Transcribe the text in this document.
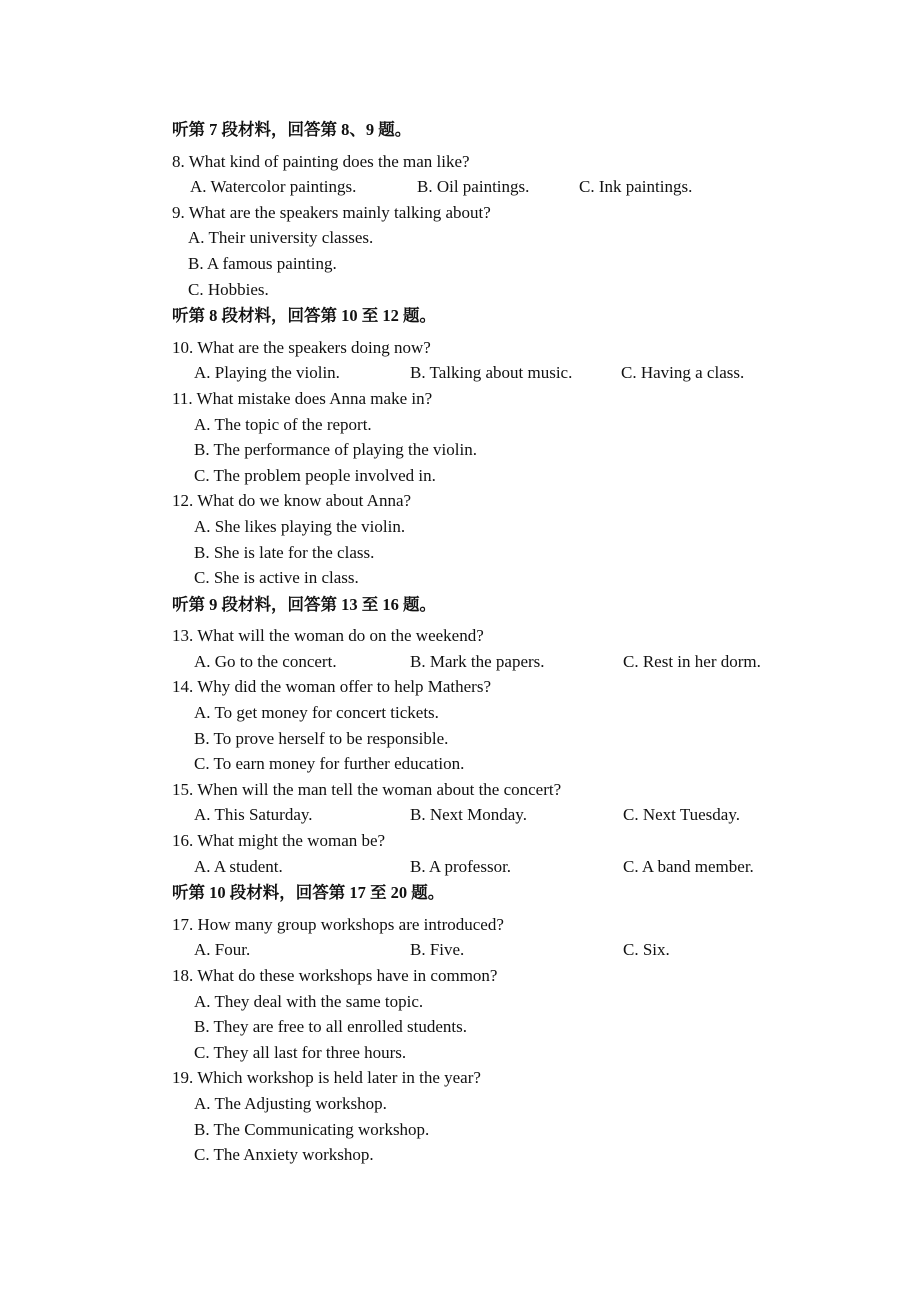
听第 7 段材料，回答第 8、9 题。
8. What kind of painting does the man like?
A. Watercolor paintings.	B. Oil paintings.	C. Ink paintings.
9. What are the speakers mainly talking about?
A. Their university classes.
B. A famous painting.
C. Hobbies.
听第 8 段材料，回答第 10 至 12 题。
10. What are the speakers doing now?
A. Playing the violin.	B. Talking about music.	C. Having a class.
11. What mistake does Anna make in?
A. The topic of the report.
B. The performance of playing the violin.
C. The problem people involved in.
12. What do we know about Anna?
A. She likes playing the violin.
B. She is late for the class.
C. She is active in class.
听第 9 段材料，回答第 13 至 16 题。
13. What will the woman do on the weekend?
A. Go to the concert.	B. Mark the papers.	C. Rest in her dorm.
14. Why did the woman offer to help Mathers?
A. To get money for concert tickets.
B. To prove herself to be responsible.
C. To earn money for further education.
15. When will the man tell the woman about the concert?
A. This Saturday.	B. Next Monday.	C. Next Tuesday.
16. What might the woman be?
A. A student.	B. A professor.	C. A band member.
听第 10 段材料，回答第 17 至 20 题。
17. How many group workshops are introduced?
A. Four.	B. Five.	C. Six.
18. What do these workshops have in common?
A. They deal with the same topic.
B. They are free to all enrolled students.
C. They all last for three hours.
19. Which workshop is held later in the year?
A. The Adjusting workshop.
B. The Communicating workshop.
C. The Anxiety workshop.
